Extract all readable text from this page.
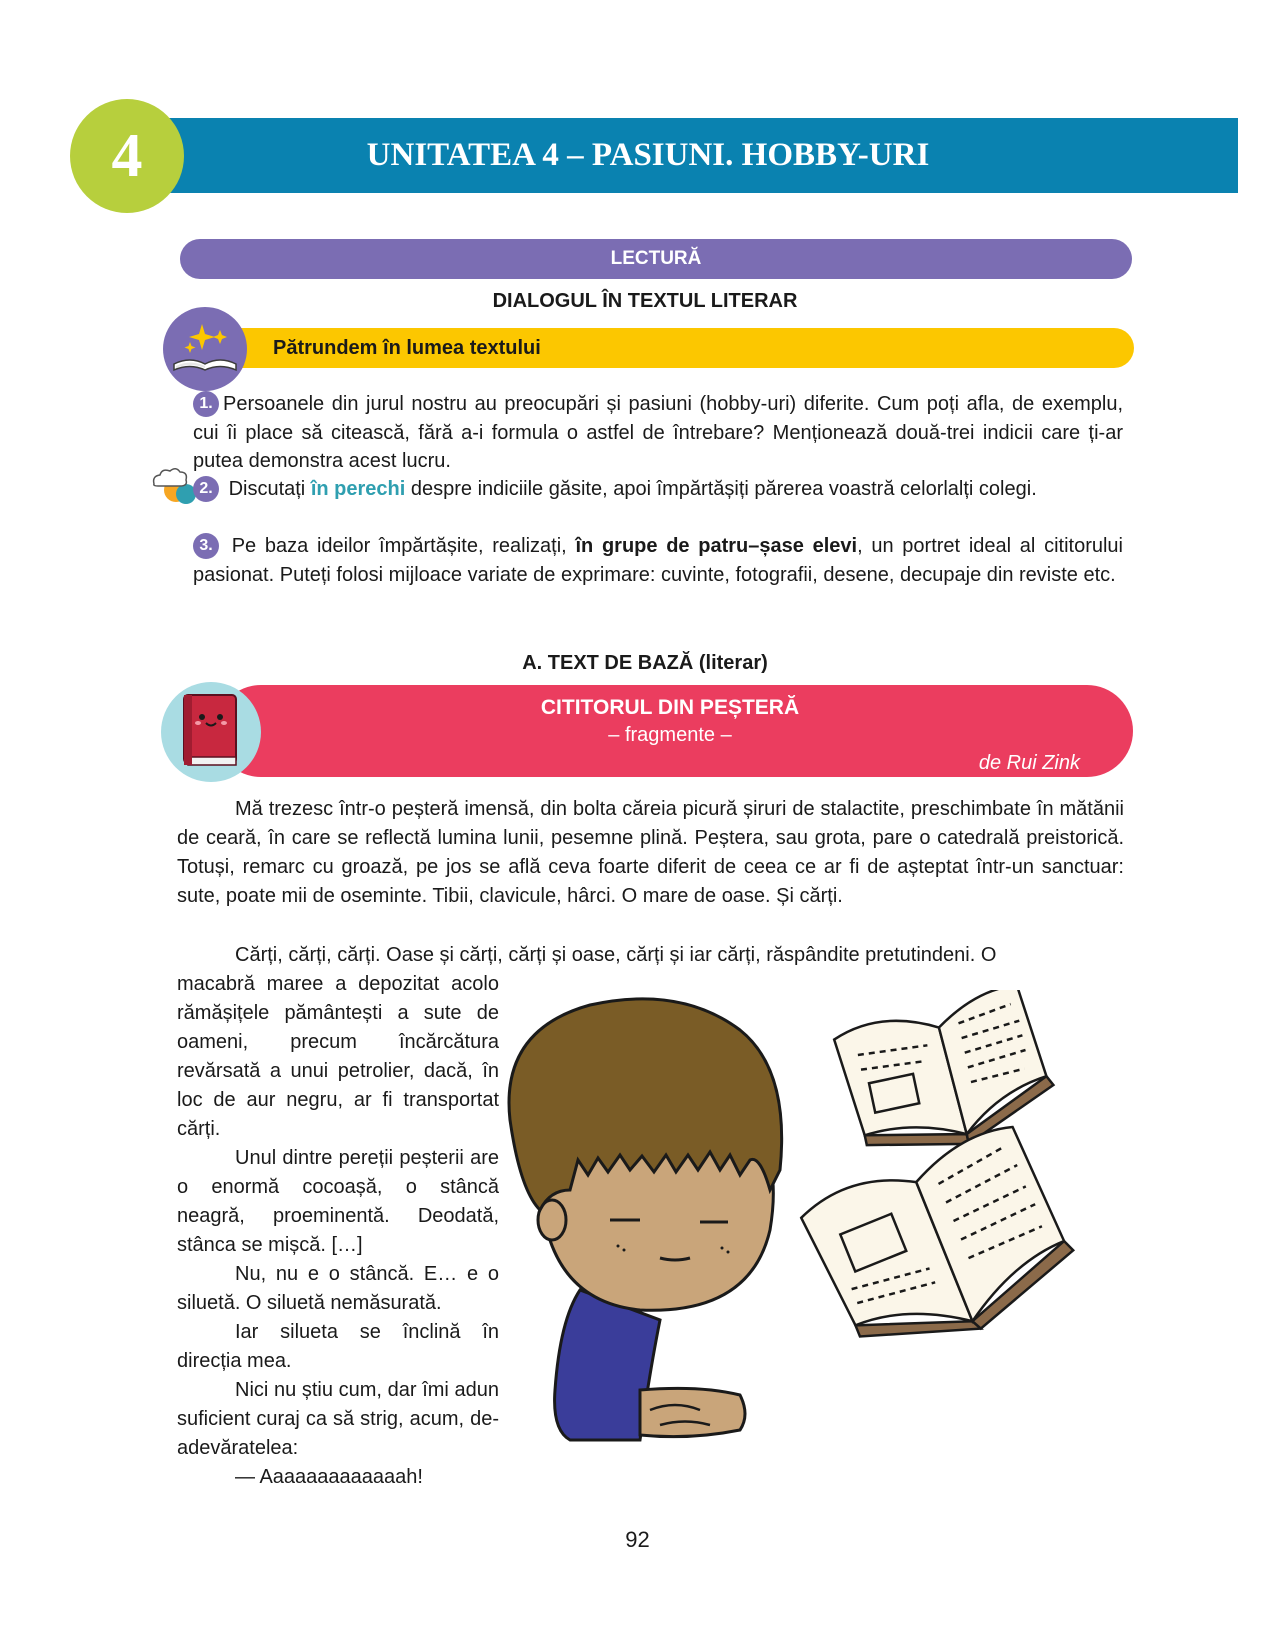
UNITATEA 4 – PASIUNI. HOBBY-URI
4
LECTURĂ
DIALOGUL ÎN TEXTUL LITERAR
Pătrundem în lumea textului
1. Persoanele din jurul nostru au preocupări și pasiuni (hobby-uri) diferite. Cum poți afla, de exemplu, cui îi place să citească, fără a-i formula o astfel de întrebare? Menționează două-trei indicii care ți-ar putea demonstra acest lucru.
2. Discutați în perechi despre indiciile găsite, apoi împărtășiți părerea voastră celorlalți colegi.
3. Pe baza ideilor împărtășite, realizați, în grupe de patru–șase elevi, un portret ideal al cititorului pasionat. Puteți folosi mijloace variate de exprimare: cuvinte, fotografii, desene, decupaje din reviste etc.
A. TEXT DE BAZĂ (literar)
CITITORUL DIN PEȘTERĂ
– fragmente –
de Rui Zink
Mă trezesc într-o peșteră imensă, din bolta căreia picură șiruri de stalactite, preschimbate în mătănii de ceară, în care se reflectă lumina lunii, pesemne plină. Peștera, sau grota, pare o catedrală preistorică. Totuși, remarc cu groază, pe jos se află ceva foarte diferit de ceea ce ar fi de așteptat într-un sanctuar: sute, poate mii de oseminte. Tibii, clavicule, hârci. O mare de oase. Și cărți.
Cărți, cărți, cărți. Oase și cărți, cărți și oase, cărți și iar cărți, răspândite pretutindeni. O

macabră maree a depozitat acolo rămășițele pământești a sute de oameni, precum încărcătura revărsată a unui petrolier, dacă, în loc de aur negru, ar fi transportat cărți.

Unul dintre pereții peșterii are o enormă cocoașă, o stâncă neagră, proeminentă. Deodată, stânca se mișcă. […]

Nu, nu e o stâncă. E… e o siluetă. O siluetă nemăsurată.

Iar silueta se înclină în direcția mea.

Nici nu știu cum, dar îmi adun suficient curaj ca să strig, acum, de-adevăratelea:

— Aaaaaaaaaaaaah!
92
